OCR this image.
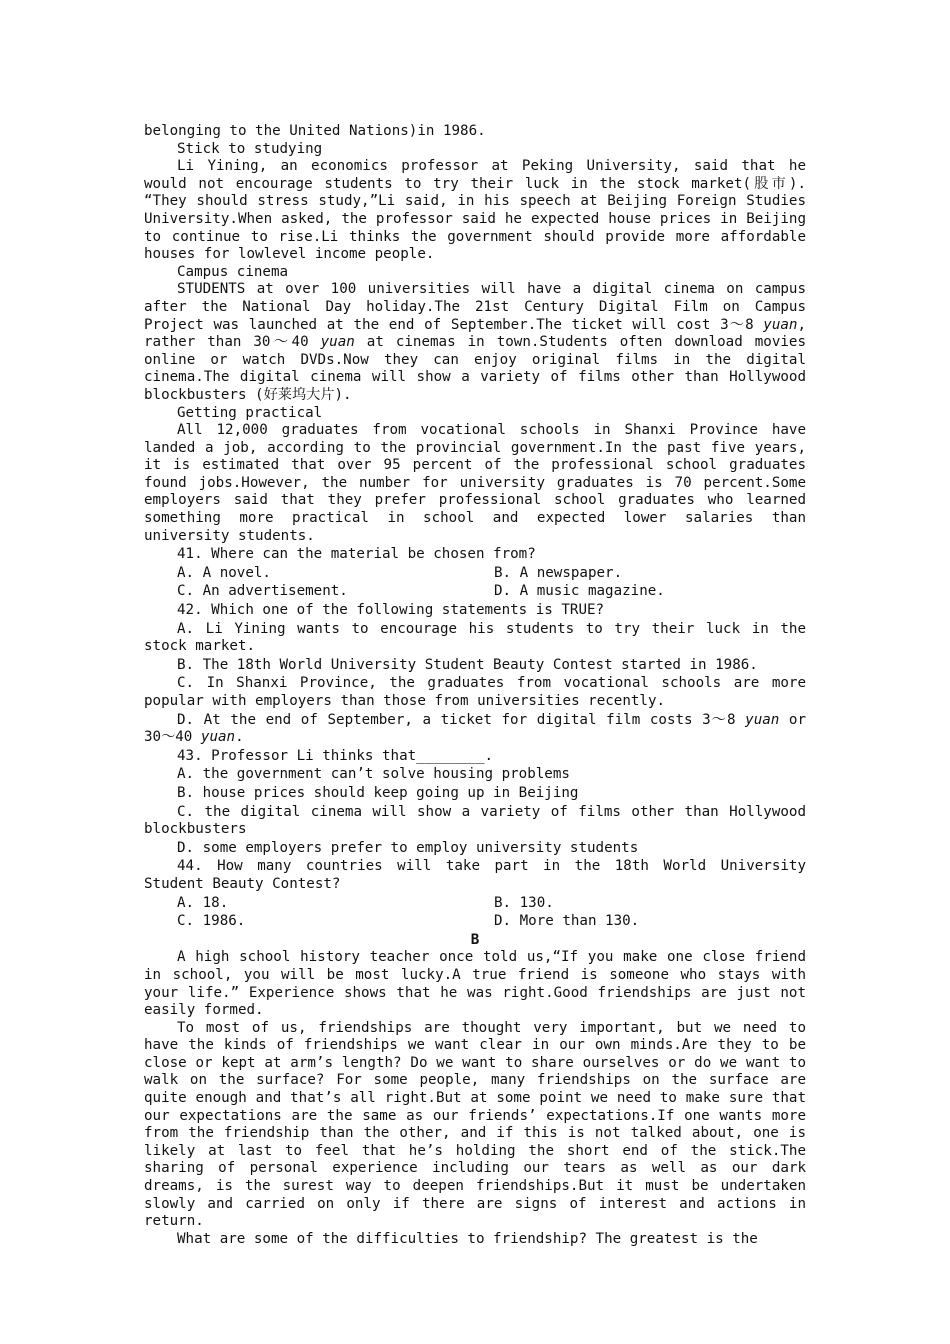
belonging to the United Nations)in 1986.

Stick to studying

Li Yining, an economics professor at Peking University, said that he would not encourage students to try their luck in the stock market(股市). “They should stress study,”Li said, in his speech at Beijing Foreign Studies University.When asked, the professor said he expected house prices in Beijing to continue to rise.Li thinks the government should provide more affordable houses for lowlevel income people.

Campus cinema

STUDENTS at over 100 universities will have a digital cinema on campus after the National Day holiday.The 21st Century Digital Film on Campus Project was launched at the end of September.The ticket will cost 3～8 yuan, rather than 30～40 yuan at cinemas in town.Students often download movies online or watch DVDs.Now they can enjoy original films in the digital cinema.The digital cinema will show a variety of films other than Hollywood blockbusters (好莱坞大片).

Getting practical

All 12,000 graduates from vocational schools in Shanxi Province have landed a job, according to the provincial government.In the past five years, it is estimated that over 95 percent of the professional school graduates found jobs.However, the number for university graduates is 70 percent.Some employers said that they prefer professional school graduates who learned something more practical in school and expected lower salaries than university students.

41. Where can the material be chosen from?

A. A novel.	B. A newspaper.
C. An advertisement.	D. A music magazine.

42. Which one of the following statements is TRUE?

A. Li Yining wants to encourage his students to try their luck in the stock market.

B. The 18th World University Student Beauty Contest started in 1986.

C. In Shanxi Province, the graduates from vocational schools are more popular with employers than those from universities recently.

D. At the end of September, a ticket for digital film costs 3～8 yuan or 30～40 yuan.

43. Professor Li thinks that________.

A. the government can’t solve housing problems

B. house prices should keep going up in Beijing

C. the digital cinema will show a variety of films other than Hollywood blockbusters

D. some employers prefer to employ university students

44. How many countries will take part in the 18th World University Student Beauty Contest?

A. 18.	B. 130.
C. 1986.	D. More than 130.

B

A high school history teacher once told us,“If you make one close friend in school, you will be most lucky.A true friend is someone who stays with your life.” Experience shows that he was right.Good friendships are just not easily formed.

To most of us, friendships are thought very important, but we need to have the kinds of friendships we want clear in our own minds.Are they to be close or kept at arm’s length? Do we want to share ourselves or do we want to walk on the surface? For some people, many friendships on the surface are quite enough and that’s all right.But at some point we need to make sure that our expectations are the same as our friends’ expectations.If one wants more from the friendship than the other, and if this is not talked about, one is likely at last to feel that he’s holding the short end of the stick.The sharing of personal experience including our tears as well as our dark dreams, is the surest way to deepen friendships.But it must be undertaken slowly and carried on only if there are signs of interest and actions in return.

What are some of the difficulties to friendship? The greatest is the
